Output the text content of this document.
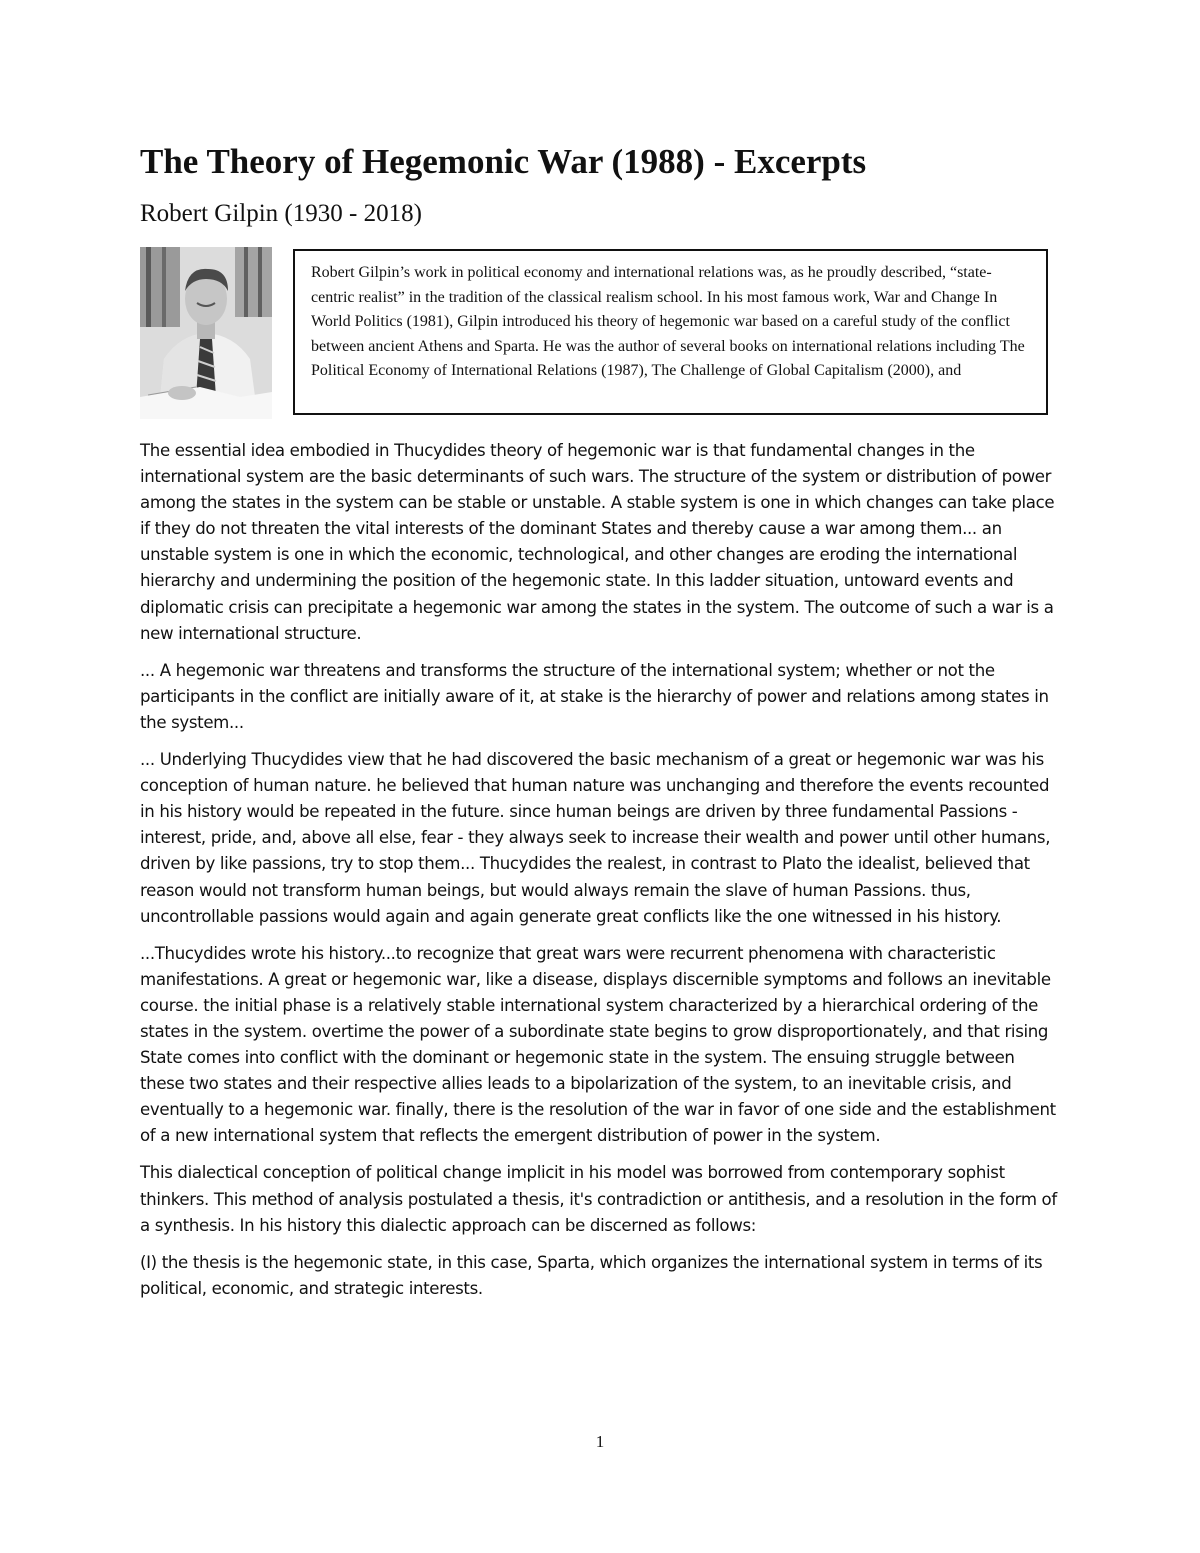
The Theory of Hegemonic War (1988) - Excerpts
Robert Gilpin (1930 - 2018)
Robert Gilpin’s work in political economy and international relations was, as he proudly described, “state-centric realist” in the tradition of the classical realism school. In his most famous work, War and Change In World Politics (1981), Gilpin introduced his theory of hegemonic war based on a careful study of the conflict between ancient Athens and Sparta. He was the author of several books on international relations including The Political Economy of International Relations (1987), The Challenge of Global Capitalism (2000), and

The essential idea embodied in Thucydides theory of hegemonic war is that fundamental changes in the international system are the basic determinants of such wars. The structure of the system or distribution of power among the states in the system can be stable or unstable. A stable system is one in which changes can take place if they do not threaten the vital interests of the dominant States and thereby cause a war among them... an unstable system is one in which the economic, technological, and other changes are eroding the international hierarchy and undermining the position of the hegemonic state. In this ladder situation, untoward events and diplomatic crisis can precipitate a hegemonic war among the states in the system. The outcome of such a war is a new international structure.

... A hegemonic war threatens and transforms the structure of the international system; whether or not the participants in the conflict are initially aware of it, at stake is the hierarchy of power and relations among states in the system...

... Underlying Thucydides view that he had discovered the basic mechanism of a great or hegemonic war was his conception of human nature. he believed that human nature was unchanging and therefore the events recounted in his history would be repeated in the future. since human beings are driven by three fundamental Passions - interest, pride, and, above all else, fear - they always seek to increase their wealth and power until other humans, driven by like passions, try to stop them... Thucydides the realest, in contrast to Plato the idealist, believed that reason would not transform human beings, but would always remain the slave of human Passions. thus, uncontrollable passions would again and again generate great conflicts like the one witnessed in his history.

...Thucydides wrote his history...to recognize that great wars were recurrent phenomena with characteristic manifestations. A great or hegemonic war, like a disease, displays discernible symptoms and follows an inevitable course. the initial phase is a relatively stable international system characterized by a hierarchical ordering of the states in the system. overtime the power of a subordinate state begins to grow disproportionately, and that rising State comes into conflict with the dominant or hegemonic state in the system. The ensuing struggle between these two states and their respective allies leads to a bipolarization of the system, to an inevitable crisis, and eventually to a hegemonic war. finally, there is the resolution of the war in favor of one side and the establishment of a new international system that reflects the emergent distribution of power in the system.

This dialectical conception of political change implicit in his model was borrowed from contemporary sophist thinkers. This method of analysis postulated a thesis, it's contradiction or antithesis, and a resolution in the form of a synthesis. In his history this dialectic approach can be discerned as follows:

(I) the thesis is the hegemonic state, in this case, Sparta, which organizes the international system in terms of its political, economic, and strategic interests.

1
